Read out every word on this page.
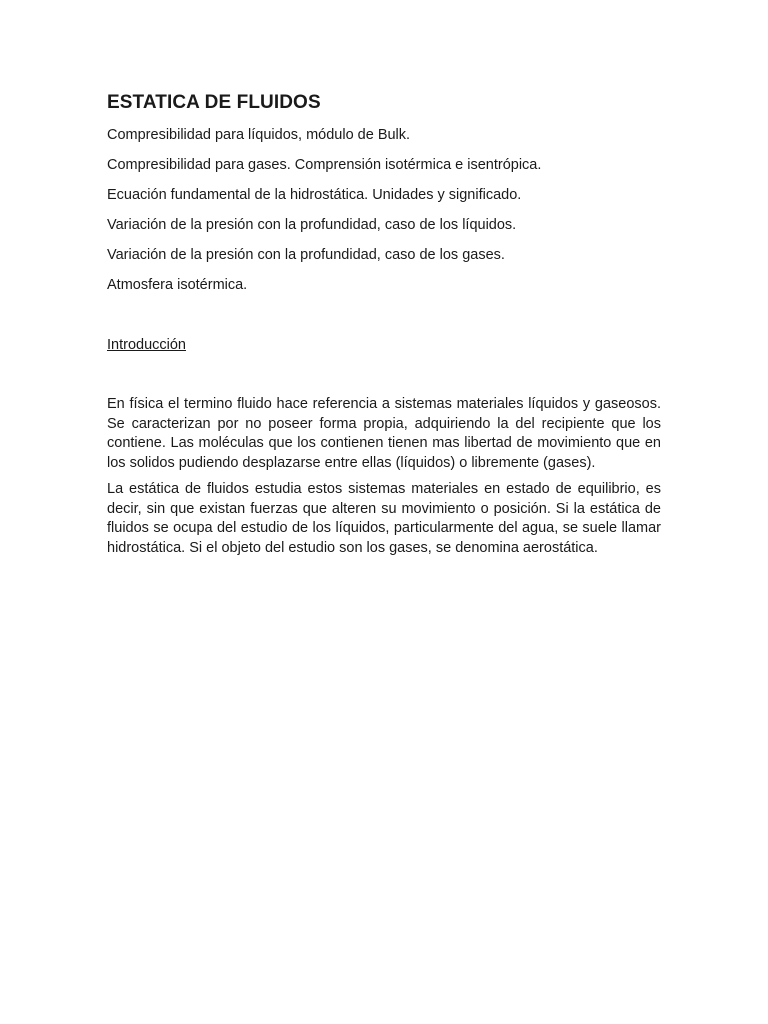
ESTATICA DE FLUIDOS
Compresibilidad para líquidos, módulo de Bulk.
Compresibilidad para gases. Comprensión isotérmica e isentrópica.
Ecuación fundamental de la hidrostática. Unidades y significado.
Variación de la presión con la profundidad, caso de los líquidos.
Variación de la presión con la profundidad, caso de los gases.
Atmosfera isotérmica.
Introducción

En física el termino fluido hace referencia a sistemas materiales líquidos y gaseosos. Se caracterizan por no poseer forma propia, adquiriendo la del recipiente que los contiene. Las moléculas que los contienen tienen mas libertad de movimiento que en los solidos pudiendo desplazarse entre ellas (líquidos) o libremente (gases).

La estática de fluidos estudia estos sistemas materiales en estado de equilibrio, es decir, sin que existan fuerzas que alteren su movimiento o posición. Si la estática de fluidos se ocupa del estudio de los líquidos, particularmente del agua, se suele llamar hidrostática. Si el objeto del estudio son los gases, se denomina aerostática.
